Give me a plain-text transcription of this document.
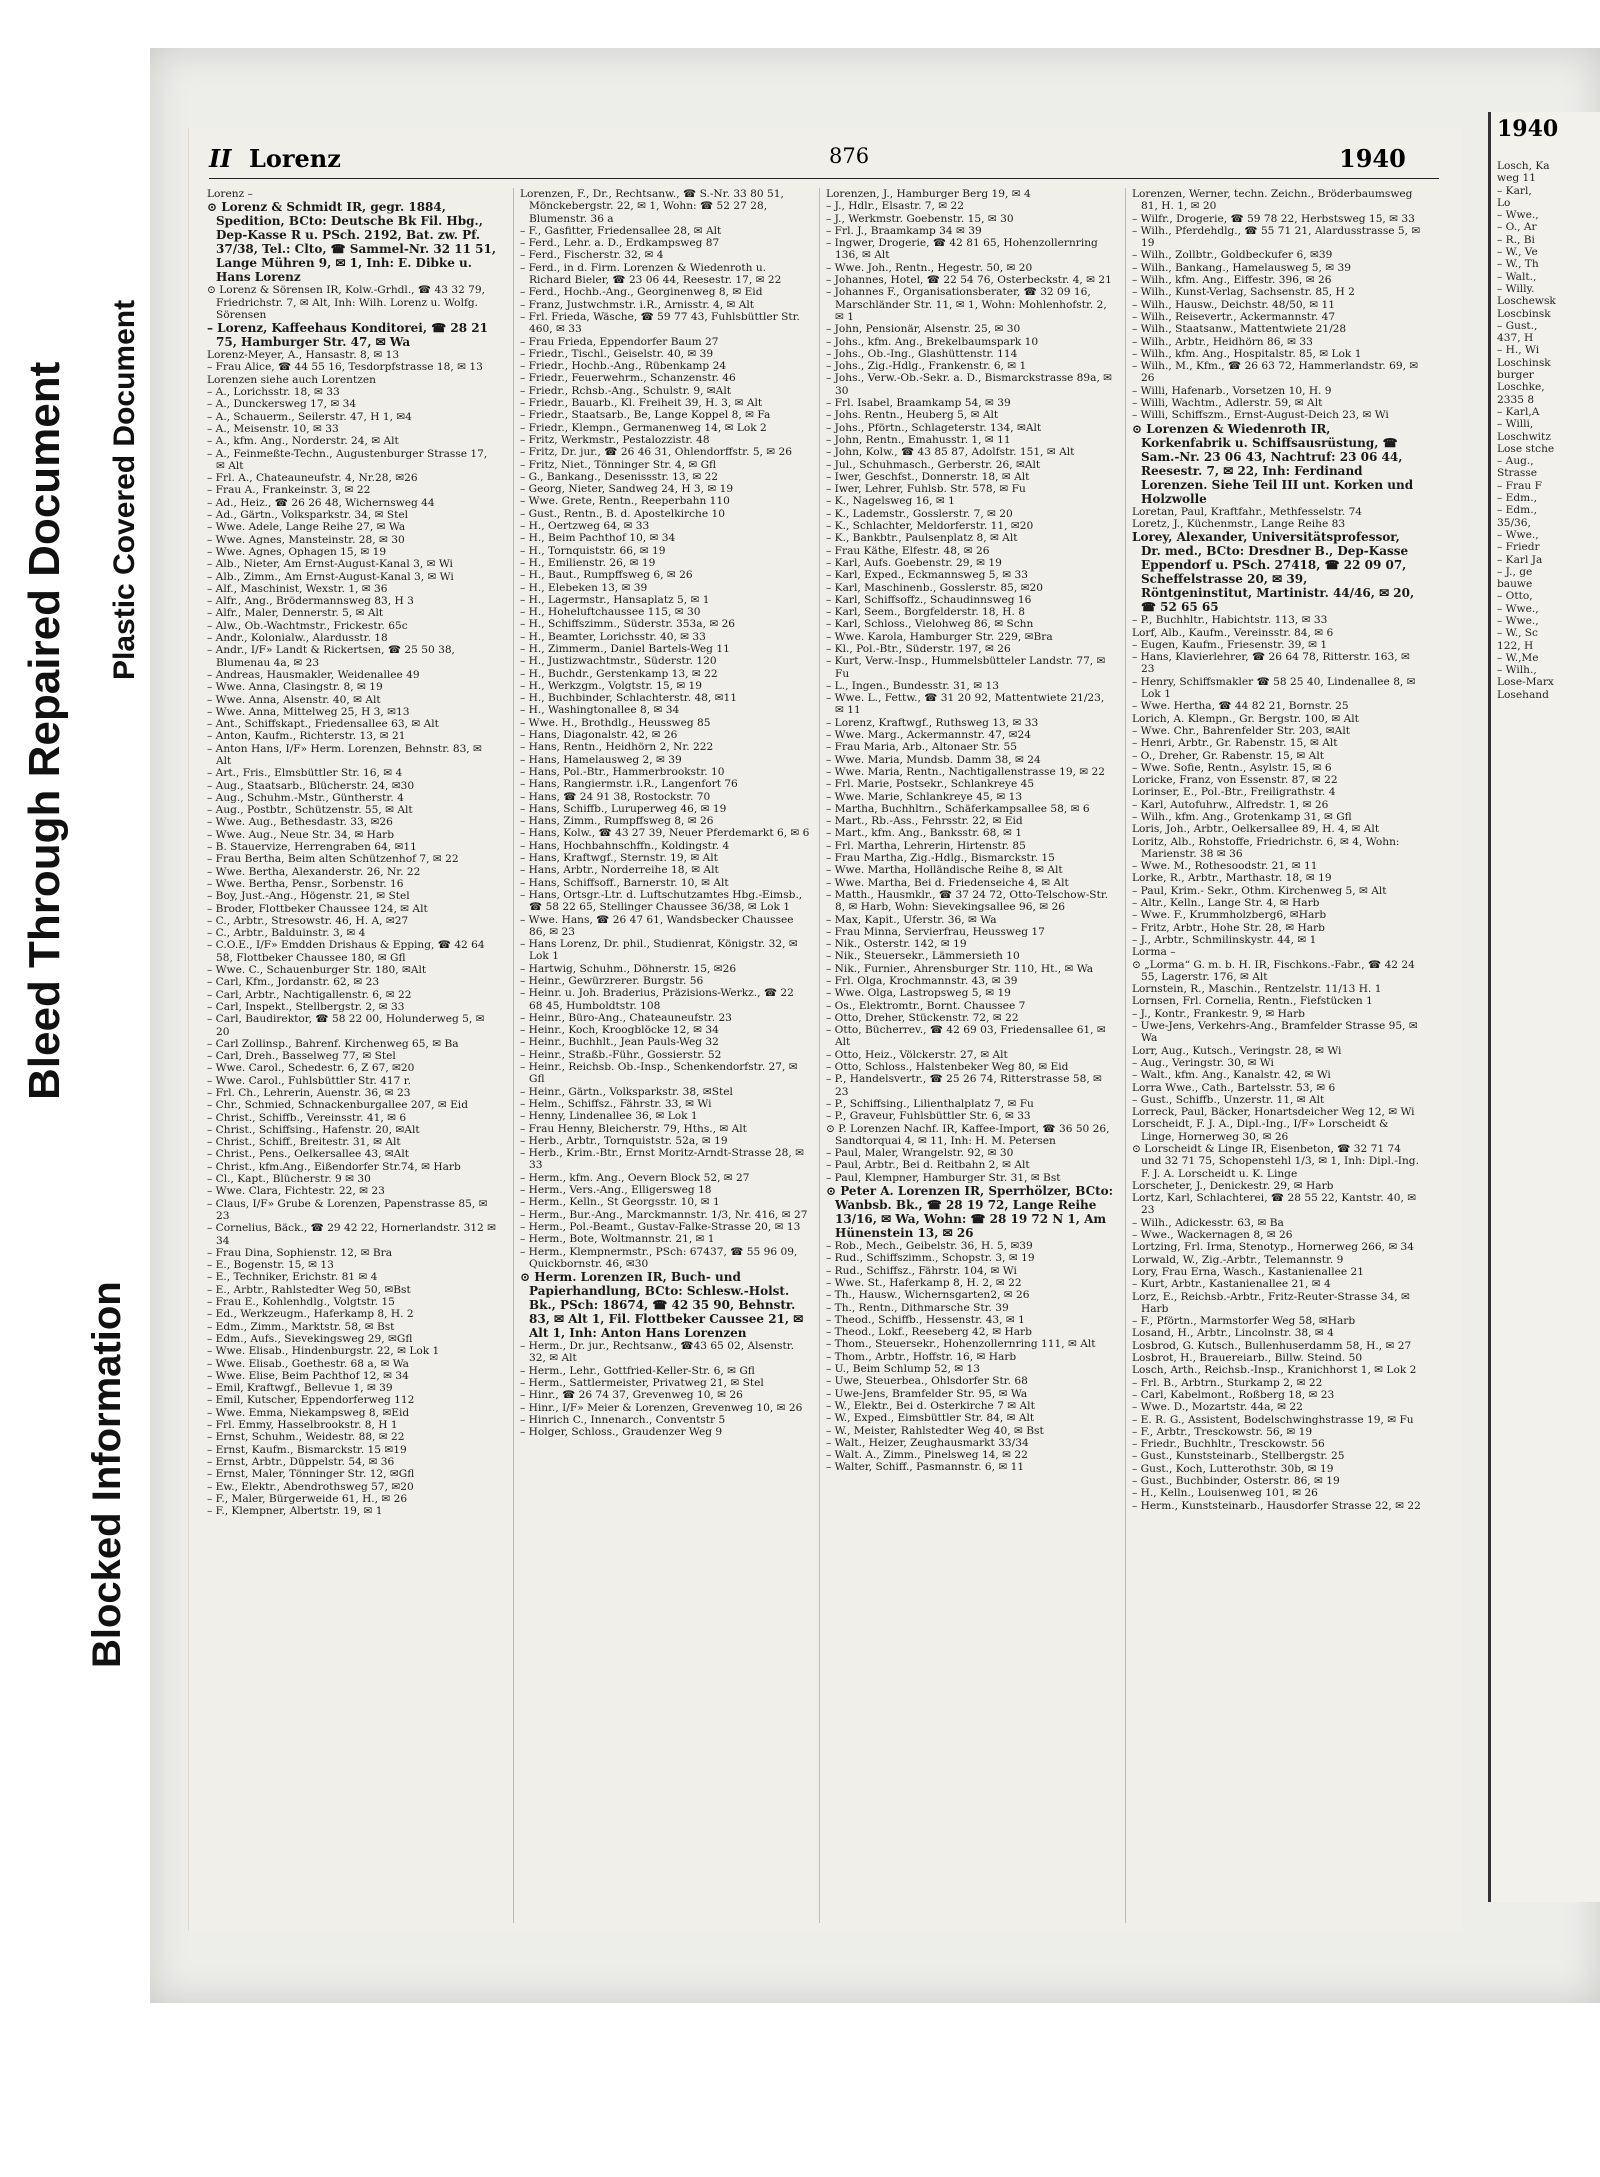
Bleed Through Repaired Document Plastic Covered Document
Blocked Information
II Lorenz	876	1940

Lorenz –

⊙ Lorenz & Schmidt IR, gegr. 1884, Spedition, BCto: Deutsche Bk Fil. Hbg., Dep-Kasse R u. PSch. 2192, Bat. zw. Pf. 37/38, Tel.: Clto, ☎ Sammel-Nr. 32 11 51, Lange Mühren 9, ✉ 1, Inh: E. Dibke u. Hans Lorenz

⊙ Lorenz & Sörensen IR, Kolw.-Grhdl., ☎ 43 32 79, Friedrichstr. 7, ✉ Alt, Inh: Wilh. Lorenz u. Wolfg. Sörensen

– Lorenz, Kaffeehaus Konditorei, ☎ 28 21 75, Hamburger Str. 47, ✉ Wa

Lorenz-Meyer, A., Hansastr. 8, ✉ 13

– Frau Alice, ☎ 44 55 16, Tesdorpfstrasse 18, ✉ 13

Lorenzen siehe auch Lorentzen

– A., Lorichsstr. 18, ✉ 33

– A., Dunckersweg 17, ✉ 34

– A., Schauerm., Seilerstr. 47, H 1, ✉4

– A., Meisenstr. 10, ✉ 33

– A., kfm. Ang., Norderstr. 24, ✉ Alt

– A., Feinmeßte-Techn., Augustenburger Strasse 17, ✉ Alt

– Frl. A., Chateauneufstr. 4, Nr.28, ✉26

– Frau A., Frankeinstr. 3, ✉ 22

– Ad., Heiz., ☎ 26 26 48, Wichernsweg 44

– Ad., Gärtn., Volksparkstr. 34, ✉ Stel

– Wwe. Adele, Lange Reihe 27, ✉ Wa

– Wwe. Agnes, Mansteinstr. 28, ✉ 30

– Wwe. Agnes, Ophagen 15, ✉ 19

– Alb., Nieter, Am Ernst-August-Kanal 3, ✉ Wi

– Alb., Zimm., Am Ernst-August-Kanal 3, ✉ Wi

– Alf., Maschinist, Wexstr. 1, ✉ 36

– Alfr., Ang., Brödermannsweg 83, H 3

– Alfr., Maler, Dennerstr. 5, ✉ Alt

– Alw., Ob.-Wachtmstr., Frickestr. 65c

– Andr., Kolonialw., Alardusstr. 18

– Andr., I/F» Landt & Rickertsen, ☎ 25 50 38, Blumenau 4a, ✉ 23

– Andreas, Hausmakler, Weidenallee 49

– Wwe. Anna, Clasingstr. 8, ✉ 19

– Wwe. Anna, Alsenstr. 40, ✉ Alt

– Wwe. Anna, Mittelweg 25, H 3, ✉13

– Ant., Schiffskapt., Friedensallee 63, ✉ Alt

– Anton, Kaufm., Richterstr. 13, ✉ 21

– Anton Hans, I/F» Herm. Lorenzen, Behnstr. 83, ✉ Alt

– Art., Fris., Elmsbüttler Str. 16, ✉ 4

– Aug., Staatsarb., Blücherstr. 24, ✉30

– Aug., Schuhm.-Mstr., Güntherstr. 4

– Aug., Postbtr., Schützenstr. 55, ✉ Alt

– Wwe. Aug., Bethesdastr. 33, ✉26

– Wwe. Aug., Neue Str. 34, ✉ Harb

– B. Stauervize, Herrengraben 64, ✉11

– Frau Bertha, Beim alten Schützenhof 7, ✉ 22

– Wwe. Bertha, Alexanderstr. 26, Nr. 22

– Wwe. Bertha, Pensr., Sorbenstr. 16

– Boy, Just.-Ang., Högenstr. 21, ✉ Stel

– Broder, Flottbeker Chaussee 124, ✉ Alt

– C., Arbtr., Stresowstr. 46, H. A, ✉27

– C., Arbtr., Balduinstr. 3, ✉ 4

– C.O.E., I/F» Emdden Drishaus & Epping, ☎ 42 64 58, Flottbeker Chaussee 180, ✉ Gfl

– Wwe. C., Schauenburger Str. 180, ✉Alt

– Carl, Kfm., Jordanstr. 62, ✉ 23

– Carl, Arbtr., Nachtigallenstr. 6, ✉ 22

– Carl, Inspekt., Stellbergstr. 2, ✉ 33

– Carl, Baudirektor, ☎ 58 22 00, Holunderweg 5, ✉ 20

– Carl Zollinsp., Bahrenf. Kirchenweg 65, ✉ Ba

– Carl, Dreh., Basselweg 77, ✉ Stel

– Wwe. Carol., Schedestr. 6, Z 67, ✉20

– Wwe. Carol., Fuhlsbüttler Str. 417 r.

– Frl. Ch., Lehrerin, Auenstr. 36, ✉ 23

– Chr., Schmied, Schnackenburgallee 207, ✉ Eid

– Christ., Schiffb., Vereinsstr. 41, ✉ 6

– Christ., Schiffsing., Hafenstr. 20, ✉Alt

– Christ., Schiff., Breitestr. 31, ✉ Alt

– Christ., Pens., Oelkersallee 43, ✉Alt

– Christ., kfm.Ang., Eißendorfer Str.74, ✉ Harb

– Cl., Kapt., Blücherstr. 9 ✉ 30

– Wwe. Clara, Fichtestr. 22, ✉ 23

– Claus, I/F» Grube & Lorenzen, Papenstrasse 85, ✉ 23

– Cornelius, Bäck., ☎ 29 42 22, Hornerlandstr. 312 ✉ 34

– Frau Dina, Sophienstr. 12, ✉ Bra

– E., Bogenstr. 15, ✉ 13

– E., Techniker, Erichstr. 81 ✉ 4

– E., Arbtr., Rahlstedter Weg 50, ✉Bst

– Frau E., Kohlenhdlg., Volgtstr. 15

– Ed., Werkzeugm., Haferkamp 8, H. 2

– Edm., Zimm., Marktstr. 58, ✉ Bst

– Edm., Aufs., Sievekingsweg 29, ✉Gfl

– Wwe. Elisab., Hindenburgstr. 22, ✉ Lok 1

– Wwe. Elisab., Goethestr. 68 a, ✉ Wa

– Wwe. Elise, Beim Pachthof 12, ✉ 34

– Emil, Kraftwgf., Bellevue 1, ✉ 39

– Emil, Kutscher, Eppendorferweg 112

– Wwe. Emma, Niekampsweg 8, ✉Eid

– Frl. Emmy, Hasselbrookstr. 8, H 1

– Ernst, Schuhm., Weidestr. 88, ✉ 22

– Ernst, Kaufm., Bismarckstr. 15 ✉19

– Ernst, Arbtr., Düppelstr. 54, ✉ 36

– Ernst, Maler, Tönninger Str. 12, ✉Gfl

– Ew., Elektr., Abendrothsweg 57, ✉20

– F., Maler, Bürgerweide 61, H., ✉ 26

– F., Klempner, Albertstr. 19, ✉ 1

Lorenzen, F., Dr., Rechtsanw., ☎ S.-Nr. 33 80 51, Mönckebergstr. 22, ✉ 1, Wohn: ☎ 52 27 28, Blumenstr. 36 a

– F., Gasfitter, Friedensallee 28, ✉ Alt

– Ferd., Lehr. a. D., Erdkampsweg 87

– Ferd., Fischerstr. 32, ✉ 4

– Ferd., in d. Firm. Lorenzen & Wiedenroth u. Richard Bieler, ☎ 23 06 44, Reesestr. 17, ✉ 22

– Ferd., Hochb.-Ang., Georginenweg 8, ✉ Eid

– Franz, Justwchmstr. i.R., Arnisstr. 4, ✉ Alt

– Frl. Frieda, Wäsche, ☎ 59 77 43, Fuhlsbüttler Str. 460, ✉ 33

– Frau Frieda, Eppendorfer Baum 27

– Friedr., Tischl., Geiselstr. 40, ✉ 39

– Friedr., Hochb.-Ang., Rübenkamp 24

– Friedr., Feuerwehrm., Schanzenstr. 46

– Friedr., Rchsb.-Ang., Schulstr. 9, ✉Alt

– Friedr., Bauarb., Kl. Freiheit 39, H. 3, ✉ Alt

– Friedr., Staatsarb., Be, Lange Koppel 8, ✉ Fa

– Friedr., Klempn., Germanenweg 14, ✉ Lok 2

– Fritz, Werkmstr., Pestalozzistr. 48

– Fritz, Dr. jur., ☎ 26 46 31, Ohlendorffstr. 5, ✉ 26

– Fritz, Niet., Tönninger Str. 4, ✉ Gfl

– G., Bankang., Desenissstr. 13, ✉ 22

– Georg, Nieter, Sandweg 24, H 3, ✉ 19

– Wwe. Grete, Rentn., Reeperbahn 110

– Gust., Rentn., B. d. Apostelkirche 10

– H., Oertzweg 64, ✉ 33

– H., Beim Pachthof 10, ✉ 34

– H., Tornquiststr. 66, ✉ 19

– H., Emilienstr. 26, ✉ 19

– H., Baut., Rumpffsweg 6, ✉ 26

– H., Elebeken 13, ✉ 39

– H., Lagermstr., Hansaplatz 5, ✉ 1

– H., Hoheluftchaussee 115, ✉ 30

– H., Schiffszimm., Süderstr. 353a, ✉ 26

– H., Beamter, Lorichsstr. 40, ✉ 33

– H., Zimmerm., Daniel Bartels-Weg 11

– H., Justizwachtmstr., Süderstr. 120

– H., Buchdr., Gerstenkamp 13, ✉ 22

– H., Werkzgm., Volgtstr. 15, ✉ 19

– H., Buchbinder, Schlachterstr. 48, ✉11

– H., Washingtonallee 8, ✉ 34

– Wwe. H., Brothdlg., Heussweg 85

– Hans, Diagonalstr. 42, ✉ 26

– Hans, Rentn., Heidhörn 2, Nr. 222

– Hans, Hamelausweg 2, ✉ 39

– Hans, Pol.-Btr., Hammerbrookstr. 10

– Hans, Rangiermstr. i.R., Langenfort 76

– Hans, ☎ 24 91 38, Rostockstr. 70

– Hans, Schiffb., Luruperweg 46, ✉ 19

– Hans, Zimm., Rumpffsweg 8, ✉ 26

– Hans, Kolw., ☎ 43 27 39, Neuer Pferdemarkt 6, ✉ 6

– Hans, Hochbahnschffn., Koldingstr. 4

– Hans, Kraftwgf., Sternstr. 19, ✉ Alt

– Hans, Arbtr., Norderreihe 18, ✉ Alt

– Hans, Schiffsoff., Barnerstr. 10, ✉ Alt

– Hans, Ortsgr.-Ltr. d. Luftschutzamtes Hbg.-Eimsb., ☎ 58 22 65, Stellinger Chaussee 36/38, ✉ Lok 1

– Wwe. Hans, ☎ 26 47 61, Wandsbecker Chaussee 86, ✉ 23

– Hans Lorenz, Dr. phil., Studienrat, Königstr. 32, ✉ Lok 1

– Hartwig, Schuhm., Döhnerstr. 15, ✉26

– Heinr., Gewürzrerer. Burgstr. 56

– Heinr. u. Joh. Braderius, Präzisions-Werkz., ☎ 22 68 45, Humboldtstr. 108

– Heinr., Büro-Ang., Chateauneufstr. 23

– Heinr., Koch, Kroogblöcke 12, ✉ 34

– Heinr., Buchhlt., Jean Pauls-Weg 32

– Heinr., Straßb.-Führ., Gossierstr. 52

– Heinr., Reichsb. Ob.-Insp., Schenkendorfstr. 27, ✉ Gfl

– Heinr., Gärtn., Volksparkstr. 38, ✉Stel

– Helm., Schiffsz., Fährstr. 33, ✉ Wi

– Henny, Lindenallee 36, ✉ Lok 1

– Frau Henny, Bleicherstr. 79, Hths., ✉ Alt

– Herb., Arbtr., Tornquiststr. 52a, ✉ 19

– Herb., Krim.-Btr., Ernst Moritz-Arndt-Strasse 28, ✉ 33

– Herm., kfm. Ang., Oevern Block 52, ✉ 27

– Herm., Vers.-Ang., Elligersweg 18

– Herm., Kelln., St Georgsstr. 10, ✉ 1

– Herm., Bur.-Ang., Marckmannstr. 1/3, Nr. 416, ✉ 27

– Herm., Pol.-Beamt., Gustav-Falke-Strasse 20, ✉ 13

– Herm., Bote, Woltmannstr. 21, ✉ 1

– Herm., Klempnermstr., PSch: 67437, ☎ 55 96 09, Quickbornstr. 46, ✉30

⊙ Herm. Lorenzen IR, Buch- und Papierhandlung, BCto: Schlesw.-Holst. Bk., PSch: 18674, ☎ 42 35 90, Behnstr. 83, ✉ Alt 1, Fil. Flottbeker Caussee 21, ✉ Alt 1, Inh: Anton Hans Lorenzen

– Herm., Dr. jur., Rechtsanw., ☎43 65 02, Alsenstr. 32, ✉ Alt

– Herm., Lehr., Gottfried-Keller-Str. 6, ✉ Gfl

– Herm., Sattlermeister, Privatweg 21, ✉ Stel

– Hinr., ☎ 26 74 37, Grevenweg 10, ✉ 26

– Hinr., I/F» Meier & Lorenzen, Grevenweg 10, ✉ 26

– Hinrich C., Innenarch., Conventstr 5

– Holger, Schloss., Graudenzer Weg 9

Lorenzen, J., Hamburger Berg 19, ✉ 4

– J., Hdlr., Elsastr. 7, ✉ 22

– J., Werkmstr. Goebenstr. 15, ✉ 30

– Frl. J., Braamkamp 34 ✉ 39

– Ingwer, Drogerie, ☎ 42 81 65, Hohenzollernring 136, ✉ Alt

– Wwe. Joh., Rentn., Hegestr. 50, ✉ 20

– Johannes, Hotel, ☎ 22 54 76, Osterbeckstr. 4, ✉ 21

– Johannes F., Organisationsberater, ☎ 32 09 16, Marschländer Str. 11, ✉ 1, Wohn: Mohlenhofstr. 2, ✉ 1

– John, Pensionär, Alsenstr. 25, ✉ 30

– Johs., kfm. Ang., Brekelbaumspark 10

– Johs., Ob.-Ing., Glashüttenstr. 114

– Johs., Zig.-Hdlg., Frankenstr. 6, ✉ 1

– Johs., Verw.-Ob.-Sekr. a. D., Bismarckstrasse 89a, ✉ 30

– Frl. Isabel, Braamkamp 54, ✉ 39

– Johs. Rentn., Heuberg 5, ✉ Alt

– Johs., Pförtn., Schlageterstr. 134, ✉Alt

– John, Rentn., Emahusstr. 1, ✉ 11

– John, Kolw., ☎ 43 85 87, Adolfstr. 151, ✉ Alt

– Jul., Schuhmasch., Gerberstr. 26, ✉Alt

– Iwer, Geschfst., Donnerstr. 18, ✉ Alt

– Iwer, Lehrer, Fuhlsb. Str. 578, ✉ Fu

– K., Nagelsweg 16, ✉ 1

– K., Lademstr., Gosslerstr. 7, ✉ 20

– K., Schlachter, Meldorferstr. 11, ✉20

– K., Bankbtr., Paulsenplatz 8, ✉ Alt

– Frau Käthe, Elfestr. 48, ✉ 26

– Karl, Aufs. Goebenstr. 29, ✉ 19

– Karl, Exped., Eckmannsweg 5, ✉ 33

– Karl, Maschinenb., Gosslerstr. 85, ✉20

– Karl, Schiffsoffz., Schaudinnsweg 16

– Karl, Seem., Borgfelderstr. 18, H. 8

– Karl, Schloss., Vielohweg 86, ✉ Schn

– Wwe. Karola, Hamburger Str. 229, ✉Bra

– Kl., Pol.-Btr., Süderstr. 197, ✉ 26

– Kurt, Verw.-Insp., Hummelsbütteler Landstr. 77, ✉ Fu

– L., Ingen., Bundesstr. 31, ✉ 13

– Wwe. L., Fettw., ☎ 31 20 92, Mattentwiete 21/23, ✉ 11

– Lorenz, Kraftwgf., Ruthsweg 13, ✉ 33

– Wwe. Marg., Ackermannstr. 47, ✉24

– Frau Maria, Arb., Altonaer Str. 55

– Wwe. Maria, Mundsb. Damm 38, ✉ 24

– Wwe. Maria, Rentn., Nachtigallenstrasse 19, ✉ 22

– Frl. Marie, Postsekr., Schlankreye 45

– Wwe. Marie, Schlankreye 45, ✉ 13

– Martha, Buchhltrn., Schäferkampsallee 58, ✉ 6

– Mart., Rb.-Ass., Fehrsstr. 22, ✉ Eid

– Mart., kfm. Ang., Banksstr. 68, ✉ 1

– Frl. Martha, Lehrerin, Hirtenstr. 85

– Frau Martha, Zig.-Hdlg., Bismarckstr. 15

– Wwe. Martha, Holländische Reihe 8, ✉ Alt

– Wwe. Martha, Bei d. Friedenseiche 4, ✉ Alt

– Matth., Hausmklr., ☎ 37 24 72, Otto-Telschow-Str. 8, ✉ Harb, Wohn: Sievekingsallee 96, ✉ 26

– Max, Kapit., Uferstr. 36, ✉ Wa

– Frau Minna, Servierfrau, Heussweg 17

– Nik., Osterstr. 142, ✉ 19

– Nik., Steuersekr., Lämmersieth 10

– Nik., Furnier., Ahrensburger Str. 110, Ht., ✉ Wa

– Frl. Olga, Krochmannstr. 43, ✉ 39

– Wwe. Olga, Lastropsweg 5, ✉ 19

– Os., Elektromtr., Bornt. Chaussee 7

– Otto, Dreher, Stückenstr. 72, ✉ 22

– Otto, Bücherrev., ☎ 42 69 03, Friedensallee 61, ✉ Alt

– Otto, Heiz., Völckerstr. 27, ✉ Alt

– Otto, Schloss., Halstenbeker Weg 80, ✉ Eid

– P., Handelsvertr., ☎ 25 26 74, Ritterstrasse 58, ✉ 23

– P., Schiffsing., Lilienthalplatz 7, ✉ Fu

– P., Graveur, Fuhlsbüttler Str. 6, ✉ 33

⊙ P. Lorenzen Nachf. IR, Kaffee-Import, ☎ 36 50 26, Sandtorquai 4, ✉ 11, Inh: H. M. Petersen

– Paul, Maler, Wrangelstr. 92, ✉ 30

– Paul, Arbtr., Bei d. Reitbahn 2, ✉ Alt

– Paul, Klempner, Hamburger Str. 31, ✉ Bst

⊙ Peter A. Lorenzen IR, Sperrhölzer, BCto: Wanbsb. Bk., ☎ 28 19 72, Lange Reihe 13/16, ✉ Wa, Wohn: ☎ 28 19 72 N 1, Am Hünenstein 13, ✉ 26

– Rob., Mech., Geibelstr. 36, H. 5, ✉39

– Rud., Schiffszimm., Schopstr. 3, ✉ 19

– Rud., Schiffsz., Fährstr. 104, ✉ Wi

– Wwe. St., Haferkamp 8, H. 2, ✉ 22

– Th., Hausw., Wichernsgarten2, ✉ 26

– Th., Rentn., Dithmarsche Str. 39

– Theod., Schiffb., Hessenstr. 43, ✉ 1

– Theod., Lokf., Reeseberg 42, ✉ Harb

– Thom., Steuersekr., Hohenzollernring 111, ✉ Alt

– Thom., Arbtr., Hoffstr. 16, ✉ Harb

– U., Beim Schlump 52, ✉ 13

– Uwe, Steuerbea., Ohlsdorfer Str. 68

– Uwe-Jens, Bramfelder Str. 95, ✉ Wa

– W., Elektr., Bei d. Osterkirche 7 ✉ Alt

– W., Exped., Eimsbüttler Str. 84, ✉ Alt

– W., Meister, Rahlstedter Weg 40, ✉ Bst

– Walt., Heizer, Zeughausmarkt 33/34

– Walt. A., Zimm., Pinelsweg 14, ✉ 22

– Walter, Schiff., Pasmannstr. 6, ✉ 11

Lorenzen, Werner, techn. Zeichn., Bröderbaumsweg 81, H. 1, ✉ 20

– Wilfr., Drogerie, ☎ 59 78 22, Herbstsweg 15, ✉ 33

– Wilh., Pferdehdlg., ☎ 55 71 21, Alardusstrasse 5, ✉ 19

– Wilh., Zollbtr., Goldbeckufer 6, ✉39

– Wilh., Bankang., Hamelausweg 5, ✉ 39

– Wilh., kfm. Ang., Eiffestr. 396, ✉ 26

– Wilh., Kunst-Verlag, Sachsenstr. 85, H 2

– Wilh., Hausw., Deichstr. 48/50, ✉ 11

– Wilh., Reisevertr., Ackermannstr. 47

– Wilh., Staatsanw., Mattentwiete 21/28

– Wilh., Arbtr., Heidhörn 86, ✉ 33

– Wilh., kfm. Ang., Hospitalstr. 85, ✉ Lok 1

– Wilh., M., Kfm., ☎ 26 63 72, Hammerlandstr. 69, ✉ 26

– Willi, Hafenarb., Vorsetzen 10, H. 9

– Willi, Wachtm., Adlerstr. 59, ✉ Alt

– Willi, Schiffszm., Ernst-August-Deich 23, ✉ Wi

⊙ Lorenzen & Wiedenroth IR, Korkenfabrik u. Schiffsausrüstung, ☎ Sam.-Nr. 23 06 43, Nachtruf: 23 06 44, Reesestr. 7, ✉ 22, Inh: Ferdinand Lorenzen. Siehe Teil III unt. Korken und Holzwolle

Loretan, Paul, Kraftfahr., Methfesselstr. 74

Loretz, J., Küchenmstr., Lange Reihe 83

Lorey, Alexander, Universitätsprofessor, Dr. med., BCto: Dresdner B., Dep-Kasse Eppendorf u. PSch. 27418, ☎ 22 09 07, Scheffelstrasse 20, ✉ 39, Röntgeninstitut, Martinistr. 44/46, ✉ 20, ☎ 52 65 65

– P., Buchhltr., Habichtstr. 113, ✉ 33

Lorf, Alb., Kaufm., Vereinsstr. 84, ✉ 6

– Eugen, Kaufm., Friesenstr. 39, ✉ 1

– Hans, Klavierlehrer, ☎ 26 64 78, Ritterstr. 163, ✉ 23

– Henry, Schiffsmakler ☎ 58 25 40, Lindenallee 8, ✉ Lok 1

– Wwe. Hertha, ☎ 44 82 21, Bornstr. 25

Lorich, A. Klempn., Gr. Bergstr. 100, ✉ Alt

– Wwe. Chr., Bahrenfelder Str. 203, ✉Alt

– Henri, Arbtr., Gr. Rabenstr. 15, ✉ Alt

– O., Dreher, Gr. Rabenstr. 15, ✉ Alt

– Wwe. Sofie, Rentn., Asylstr. 15, ✉ 6

Loricke, Franz, von Essenstr. 87, ✉ 22

Lorinser, E., Pol.-Btr., Freiligrathstr. 4

– Karl, Autofuhrw., Alfredstr. 1, ✉ 26

– Wilh., kfm. Ang., Grotenkamp 31, ✉ Gfl

Loris, Joh., Arbtr., Oelkersallee 89, H. 4, ✉ Alt

Loritz, Alb., Rohstoffe, Friedrichstr. 6, ✉ 4, Wohn: Marienstr. 38 ✉ 36

– Wwe. M., Rothesoodstr. 21, ✉ 11

Lorke, R., Arbtr., Marthastr. 18, ✉ 19

– Paul, Krim.- Sekr., Othm. Kirchenweg 5, ✉ Alt

– Altr., Kelln., Lange Str. 4, ✉ Harb

– Wwe. F., Krummholzberg6, ✉Harb

– Fritz, Arbtr., Hohe Str. 28, ✉ Harb

– J., Arbtr., Schmilinskystr. 44, ✉ 1

Lorma –

⊙ „Lorma“ G. m. b. H. IR, Fischkons.-Fabr., ☎ 42 24 55, Lagerstr. 176, ✉ Alt

Lornstein, R., Maschin., Rentzelstr. 11/13 H. 1

Lornsen, Frl. Cornelia, Rentn., Fiefstücken 1

– J., Kontr., Frankestr. 9, ✉ Harb

– Uwe-Jens, Verkehrs-Ang., Bramfelder Strasse 95, ✉ Wa

Lorr, Aug., Kutsch., Veringstr. 28, ✉ Wi

– Aug., Veringstr. 30, ✉ Wi

– Walt., kfm. Ang., Kanalstr. 42, ✉ Wi

Lorra Wwe., Cath., Bartelsstr. 53, ✉ 6

– Gust., Schiffb., Unzerstr. 11, ✉ Alt

Lorreck, Paul, Bäcker, Honartsdeicher Weg 12, ✉ Wi

Lorscheidt, F. J. A., Dipl.-Ing., I/F» Lorscheidt & Linge, Hornerweg 30, ✉ 26

⊙ Lorscheidt & Linge IR, Eisenbeton, ☎ 32 71 74 und 32 71 75, Schopenstehl 1/3, ✉ 1, Inh: Dipl.-Ing. F. J. A. Lorscheidt u. K. Linge

Lorscheter, J., Denickestr. 29, ✉ Harb

Lortz, Karl, Schlachterei, ☎ 28 55 22, Kantstr. 40, ✉ 23

– Wilh., Adickesstr. 63, ✉ Ba

– Wwe., Wackernagen 8, ✉ 26

Lortzing, Frl. Irma, Stenotyp., Hornerweg 266, ✉ 34

Lorwald, W., Zig.-Arbtr., Telemannstr. 9

Lory, Frau Erna, Wasch., Kastanienallee 21

– Kurt, Arbtr., Kastanienallee 21, ✉ 4

Lorz, E., Reichsb.-Arbtr., Fritz-Reuter-Strasse 34, ✉ Harb

– F., Pförtn., Marmstorfer Weg 58, ✉Harb

Losand, H., Arbtr., Lincolnstr. 38, ✉ 4

Losbrod, G. Kutsch., Bullenhuserdamm 58, H., ✉ 27

Losbrot, H., Brauereiarb., Billw. Steind. 50

Losch, Arth., Reichsb.-Insp., Kranichhorst 1, ✉ Lok 2

– Frl. B., Arbtrn., Sturkamp 2, ✉ 22

– Carl, Kabelmont., Roßberg 18, ✉ 23

– Wwe. D., Mozartstr. 44a, ✉ 22

– E. R. G., Assistent, Bodelschwinghstrasse 19, ✉ Fu

– F., Arbtr., Tresckowstr. 56, ✉ 19

– Friedr., Buchhltr., Tresckowstr. 56

– Gust., Kunststeinarb., Stellbergstr. 25

– Gust., Koch, Lutterothstr. 30b, ✉ 19

– Gust., Buchbinder, Osterstr. 86, ✉ 19

– H., Kelln., Louisenweg 101, ✉ 26

– Herm., Kunststeinarb., Hausdorfer Strasse 22, ✉ 22

1940

Losch, Ka

weg 11

– Karl,

Lo

– Wwe.,

– O., Ar

– R., Bi

– W., Ve

– W., Th

– Walt.,

– Willy.

Loschewsk

Loscbinsk

– Gust.,

437, H

– H., Wi

Loschinsk

burger

Loschke,

2335 8

– Karl,A

– Willi,

Loschwitz

Lose stche

– Aug.,

Strasse

– Frau F

– Edm.,

– Edm.,

35/36,

– Wwe.,

– Friedr

– Karl Ja

– J., ge

bauwe

– Otto,

– Wwe.,

– Wwe.,

– W., Sc

122, H

– W.,Me

– Wilh.,

Lose-Marx

Losehand
